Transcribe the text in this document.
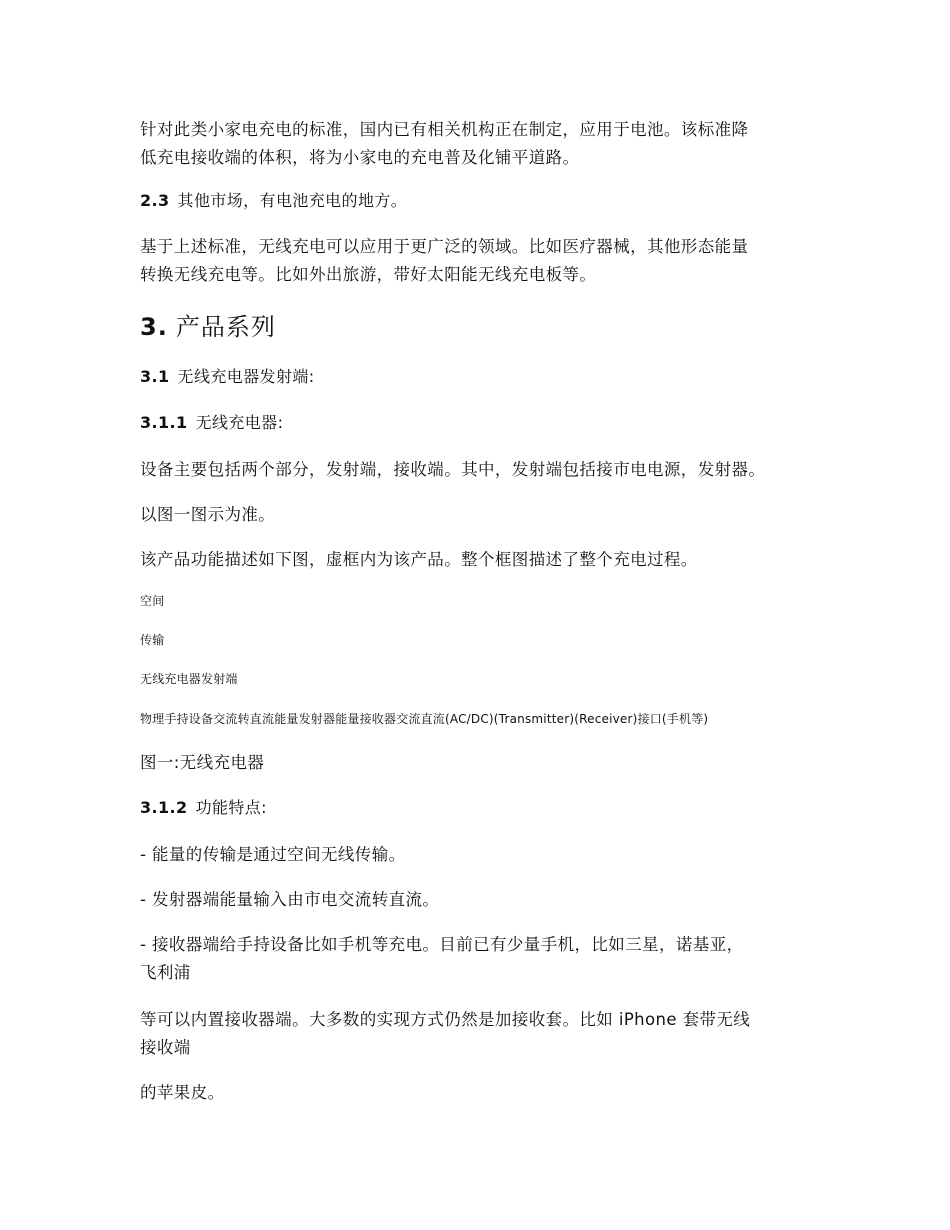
针对此类小家电充电的标准，国内已有相关机构正在制定，应用于电池。该标准降
低充电接收端的体积，将为小家电的充电普及化铺平道路。
2.3 其他市场，有电池充电的地方。
基于上述标准，无线充电可以应用于更广泛的领域。比如医疗器械，其他形态能量
转换无线充电等。比如外出旅游，带好太阳能无线充电板等。
3. 产品系列
3.1 无线充电器发射端:
3.1.1 无线充电器:
设备主要包括两个部分，发射端，接收端。其中，发射端包括接市电电源，发射器。
以图一图示为准。
该产品功能描述如下图，虚框内为该产品。整个框图描述了整个充电过程。
空间
传输
无线充电器发射端
物理手持设备交流转直流能量发射器能量接收器交流直流(AC/DC)(Transmitter)(Receiver)接口(手机等)
图一:无线充电器
3.1.2 功能特点:
- 能量的传输是通过空间无线传输。
- 发射器端能量输入由市电交流转直流。
- 接收器端给手持设备比如手机等充电。目前已有少量手机，比如三星，诺基亚，
飞利浦
等可以内置接收器端。大多数的实现方式仍然是加接收套。比如 iPhone 套带无线
接收端
的苹果皮。
